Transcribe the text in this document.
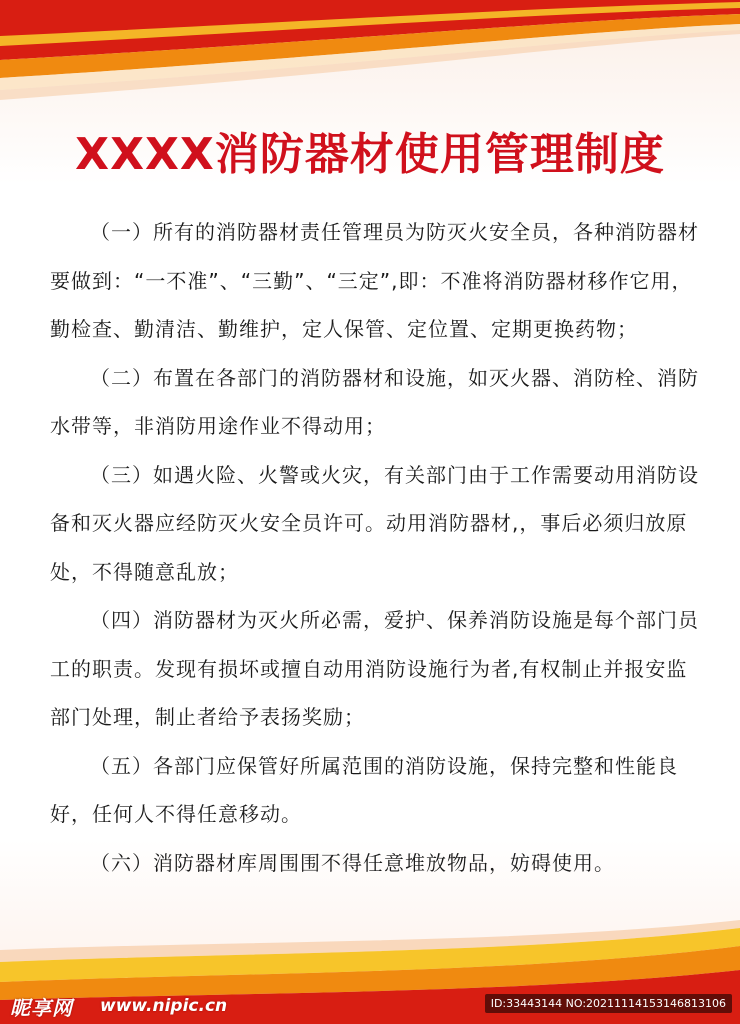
XXXX消防器材使用管理制度

（一）所有的消防器材责任管理员为防灭火安全员，各种消防器材要做到：“一不准”、“三勤”、“三定”,即：不准将消防器材移作它用，勤检查、勤清洁、勤维护，定人保管、定位置、定期更换药物；

（二）布置在各部门的消防器材和设施，如灭火器、消防栓、消防水带等，非消防用途作业不得动用；

（三）如遇火险、火警或火灾，有关部门由于工作需要动用消防设备和灭火器应经防灭火安全员许可。动用消防器材,，事后必须归放原处，不得随意乱放；

（四）消防器材为灭火所必需，爱护、保养消防设施是每个部门员工的职责。发现有损坏或擅自动用消防设施行为者,有权制止并报安监部门处理，制止者给予表扬奖励；

（五）各部门应保管好所属范围的消防设施，保持完整和性能良好，任何人不得任意移动。

（六）消防器材库周围围不得任意堆放物品，妨碍使用。

昵享网 www.nipic.cn	ID:33443144 NO:20211114153146813106
